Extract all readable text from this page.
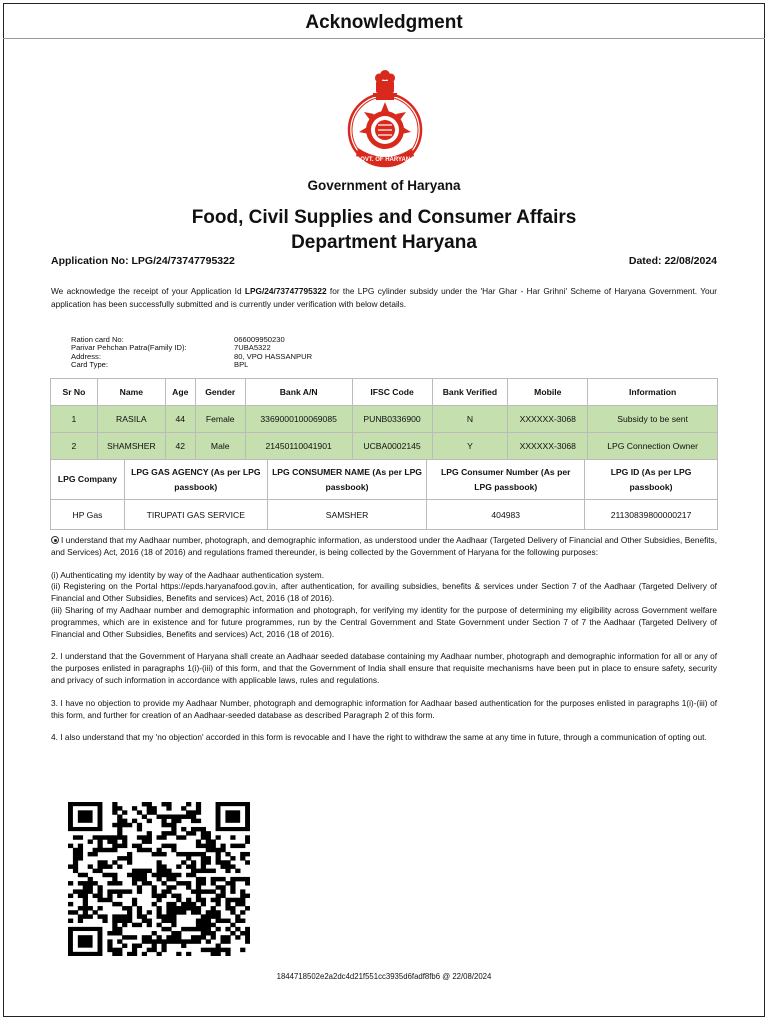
Acknowledgment
GOVT. OF HARYANA
Government of Haryana
Food, Civil Supplies and Consumer Affairs
Department Haryana
Application No: LPG/24/73747795322	Dated: 22/08/2024
We acknowledge the receipt of your Application Id LPG/24/73747795322 for the LPG cylinder subsidy under the 'Har Ghar - Har Grihni' Scheme of Haryana Government. Your application has been successfully submitted and is currently under verification with below details.
Ration card No:	066009950230
Parivar Pehchan Patra(Family ID):	7UBA5322
Address:	80, VPO HASSANPUR
Card Type:	BPL
Sr No	Name	Age	Gender	Bank A/N	IFSC Code	Bank Verified	Mobile	Information
1	RASILA	44	Female	3369000100069085	PUNB0336900	N	XXXXXX-3068	Subsidy to be sent
2	SHAMSHER	42	Male	21450110041901	UCBA0002145	Y	XXXXXX-3068	LPG Connection Owner
LPG Company	LPG GAS AGENCY (As per LPG passbook)	LPG CONSUMER NAME (As per LPG passbook)	LPG Consumer Number (As per LPG passbook)	LPG ID (As per LPG passbook)
HP Gas	TIRUPATI GAS SERVICE	SAMSHER	404983	21130839800000217

I understand that my Aadhaar number, photograph, and demographic information, as understood under the Aadhaar (Targeted Delivery of Financial and Other Subsidies, Benefits, and Services) Act, 2016 (18 of 2016) and regulations framed thereunder, is being collected by the Government of Haryana for the following purposes:

(i) Authenticating my identity by way of the Aadhaar authentication system.

(ii) Registering on the Portal https://epds.haryanafood.gov.in, after authentication, for availing subsidies, benefits & services under Section 7 of the Aadhaar (Targeted Delivery of Financial and Other Subsidies, Benefits and services) Act, 2016 (18 of 2016).

(iii) Sharing of my Aadhaar number and demographic information and photograph, for verifying my identity for the purpose of determining my eligibility across Government welfare programmes, which are in existence and for future programmes, run by the Central Government and State Government under Section 7 of 7 the Aadhaar (Targeted Delivery of Financial and Other Subsidies, Benefits and services) Act, 2016 (18 of 2016).

2. I understand that the Government of Haryana shall create an Aadhaar seeded database containing my Aadhaar number, photograph and demographic information for all or any of the purposes enlisted in paragraphs 1(i)-(iii) of this form, and that the Government of India shall ensure that requisite mechanisms have been put in place to ensure safety, security and privacy of such information in accordance with applicable laws, rules and regulations.

3. I have no objection to provide my Aadhaar Number, photograph and demographic information for Aadhaar based authentication for the purposes enlisted in paragraphs 1(i)-(iii) of this form, and further for creation of an Aadhaar-seeded database as described Paragraph 2 of this form.

4. I also understand that my 'no objection' accorded in this form is revocable and I have the right to withdraw the same at any time in future, through a communication of opting out.

1844718502e2a2dc4d21f551cc3935d6fadf8fb6 @ 22/08/2024
